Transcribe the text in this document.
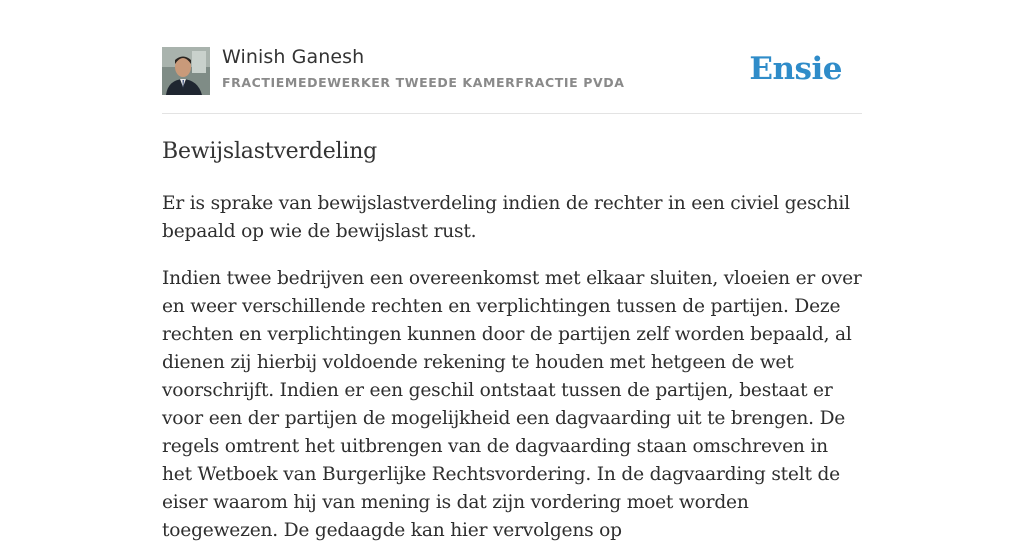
Winish Ganesh
FRACTIEMEDEWERKER TWEEDE KAMERFRACTIE PVDA	Ensie
Bewijslastverdeling

Er is sprake van bewijslastverdeling indien de rechter in een civiel geschil bepaald op wie de bewijslast rust.

Indien twee bedrijven een overeenkomst met elkaar sluiten, vloeien er over en weer verschillende rechten en verplichtingen tussen de partijen. Deze rechten en verplichtingen kunnen door de partijen zelf worden bepaald, al dienen zij hierbij voldoende rekening te houden met hetgeen de wet voorschrijft. Indien er een geschil ontstaat tussen de partijen, bestaat er voor een der partijen de mogelijkheid een dagvaarding uit te brengen. De regels omtrent het uitbrengen van de dagvaarding staan omschreven in het Wetboek van Burgerlijke Rechtsvordering. In de dagvaarding stelt de eiser waarom hij van mening is dat zijn vordering moet worden toegewezen. De gedaagde kan hier vervolgens op
